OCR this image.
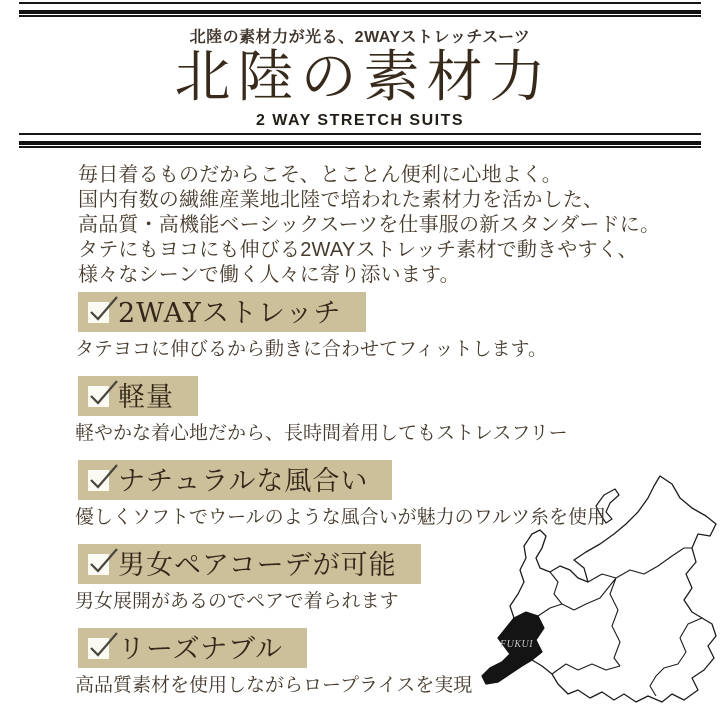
北陸の素材力が光る、2WAYストレッチスーツ
北陸の素材力
2 WAY STRETCH SUITS

毎日着るものだからこそ、とことん便利に心地よく。

国内有数の繊維産業地北陸で培われた素材力を活かした、

高品質・高機能ベーシックスーツを仕事服の新スタンダードに。

タテにもヨコにも伸びる2WAYストレッチ素材で動きやすく、

様々なシーンで働く人々に寄り添います。

2WAYストレッチ
タテヨコに伸びるから動きに合わせてフィットします。
軽量
軽やかな着心地だから、長時間着用してもストレスフリー
ナチュラルな風合い
優しくソフトでウールのような風合いが魅力のワルツ糸を使用
男女ペアコーデが可能
男女展開があるのでペアで着られます
リーズナブル
高品質素材を使用しながらロープライスを実現
FUKUI
